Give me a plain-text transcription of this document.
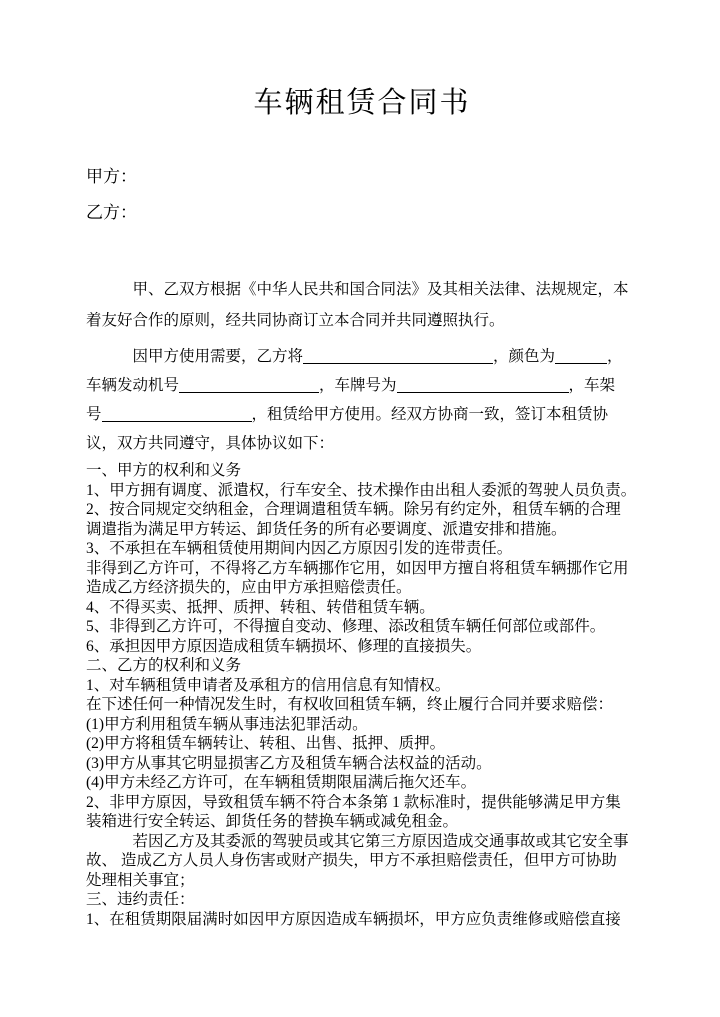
车辆租赁合同书
甲方：
乙方：
　　　甲、乙双方根据《中华人民共和国合同法》及其相关法律、法规规定，本
着友好合作的原则，经共同协商订立本合同并共同遵照执行。
　　　因甲方使用需要，乙方将	，颜色为	，
车辆发动机号	，车牌号为	，车架
号	，租赁给甲方使用。经双方协商一致，签订本租赁协
议，双方共同遵守，具体协议如下：
一、甲方的权利和义务
1、甲方拥有调度、派遣权，行车安全、技术操作由出租人委派的驾驶人员负责。
2、按合同规定交纳租金，合理调遣租赁车辆。除另有约定外，租赁车辆的合理
调遣指为满足甲方转运、卸货任务的所有必要调度、派遣安排和措施。
3、不承担在车辆租赁使用期间内因乙方原因引发的连带责任。
非得到乙方许可，不得将乙方车辆挪作它用，如因甲方擅自将租赁车辆挪作它用
造成乙方经济损失的，应由甲方承担赔偿责任。
4、不得买卖、抵押、质押、转租、转借租赁车辆。
5、非得到乙方许可，不得擅自变动、修理、添改租赁车辆任何部位或部件。
6、承担因甲方原因造成租赁车辆损坏、修理的直接损失。
二、乙方的权利和义务
1、对车辆租赁申请者及承租方的信用信息有知情权。
在下述任何一种情况发生时，有权收回租赁车辆，终止履行合同并要求赔偿：
(1)甲方利用租赁车辆从事违法犯罪活动。
(2)甲方将租赁车辆转让、转租、出售、抵押、质押。
(3)甲方从事其它明显损害乙方及租赁车辆合法权益的活动。
(4)甲方未经乙方许可，在车辆租赁期限届满后拖欠还车。
2、非甲方原因，导致租赁车辆不符合本条第 1 款标准时，提供能够满足甲方集
装箱进行安全转运、卸货任务的替换车辆或减免租金。
　　　若因乙方及其委派的驾驶员或其它第三方原因造成交通事故或其它安全事
故、 造成乙方人员人身伤害或财产损失，甲方不承担赔偿责任，但甲方可协助
处理相关事宜；
三、违约责任：
1、在租赁期限届满时如因甲方原因造成车辆损坏，甲方应负责维修或赔偿直接
